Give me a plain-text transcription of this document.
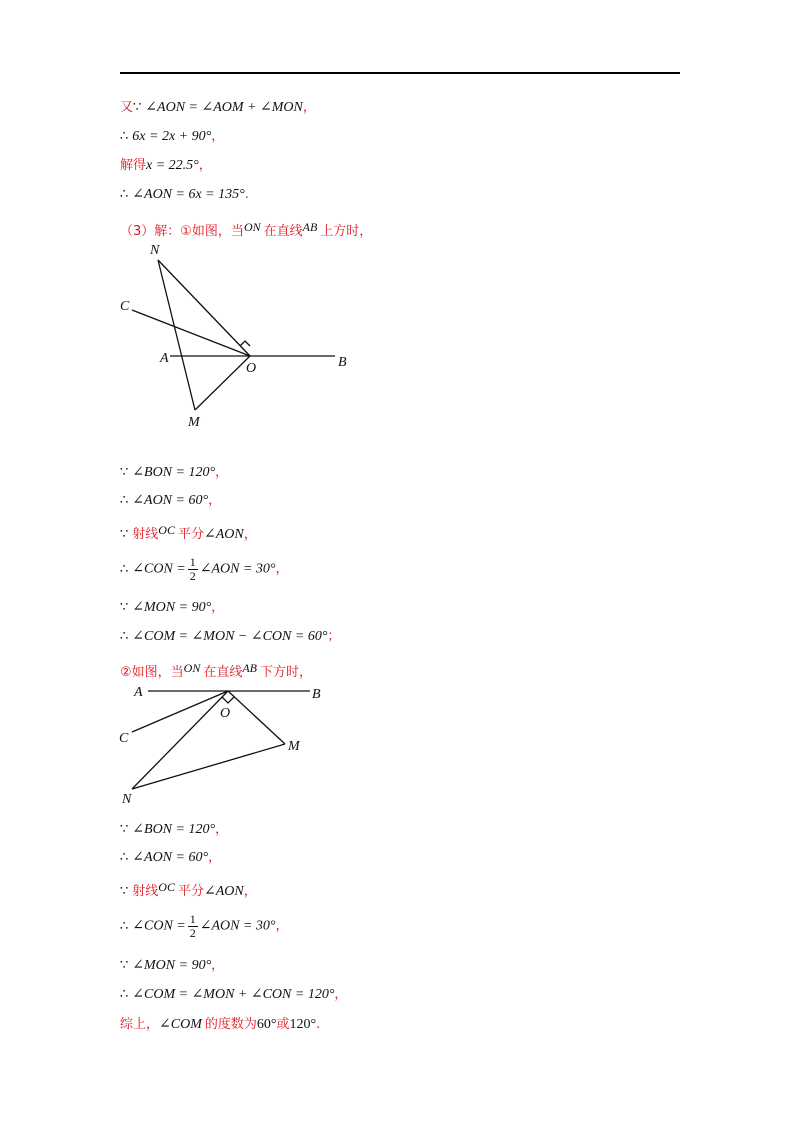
又∵ ∠AON = ∠AOM + ∠MON，
∴ 6x = 2x + 90°，
解得x = 22.5°，
∴ ∠AON = 6x = 135°.
（3）解：①如图，当ON 在直线AB 上方时，
N
C
A
O	B
M
∵ ∠BON = 120°，
∴ ∠AON = 60°，
∵ 射线OC 平分∠AON，
∴ ∠CON = $\frac{1}{2}$ ∠AON = 30°，
∵ ∠MON = 90°，
∴ ∠COM = ∠MON − ∠CON = 60°；
②如图，当ON 在直线AB 下方时，
A	B
O
C
M
N
∵ ∠BON = 120°，
∴ ∠AON = 60°，
∵ 射线OC 平分∠AON，
∴ ∠CON = $\frac{1}{2}$ ∠AON = 30°，
∵ ∠MON = 90°，
∴ ∠COM = ∠MON + ∠CON = 120°，
综上，∠COM 的度数为60°或120°.
